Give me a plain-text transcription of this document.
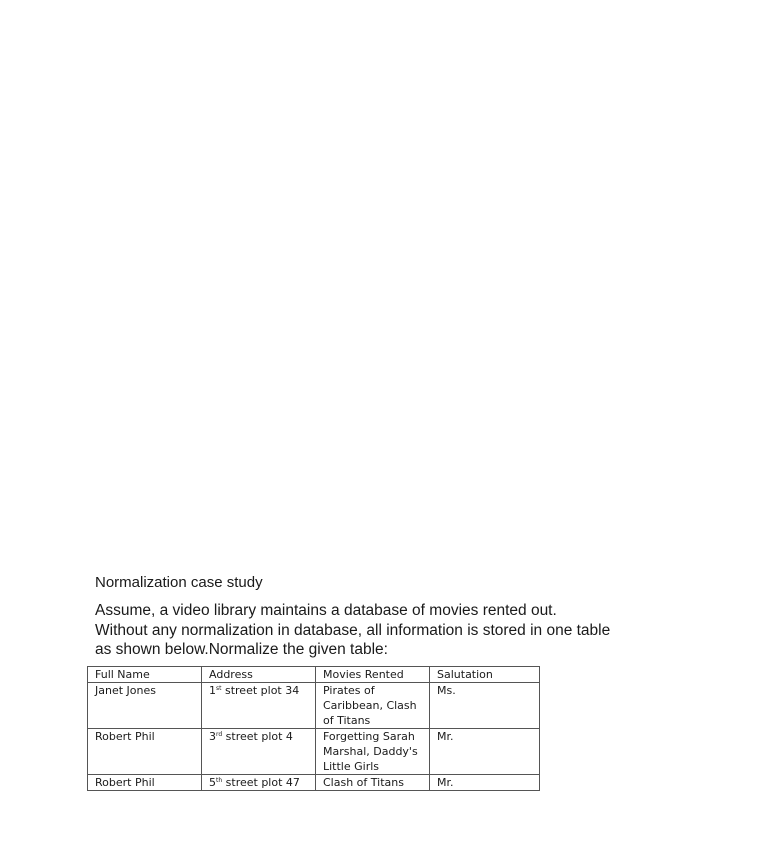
Normalization case study

Assume, a video library maintains a database of movies rented out.
Without any normalization in database, all information is stored in one table
as shown below.Normalize the given table:

Full Name	Address	Movies Rented	Salutation
Janet Jones	1st street plot 34	Pirates of
Caribbean, Clash
of Titans	Ms.
Robert Phil	3rd street plot 4	Forgetting Sarah
Marshal, Daddy's
Little Girls	Mr.
Robert Phil	5th street plot 47	Clash of Titans	Mr.
